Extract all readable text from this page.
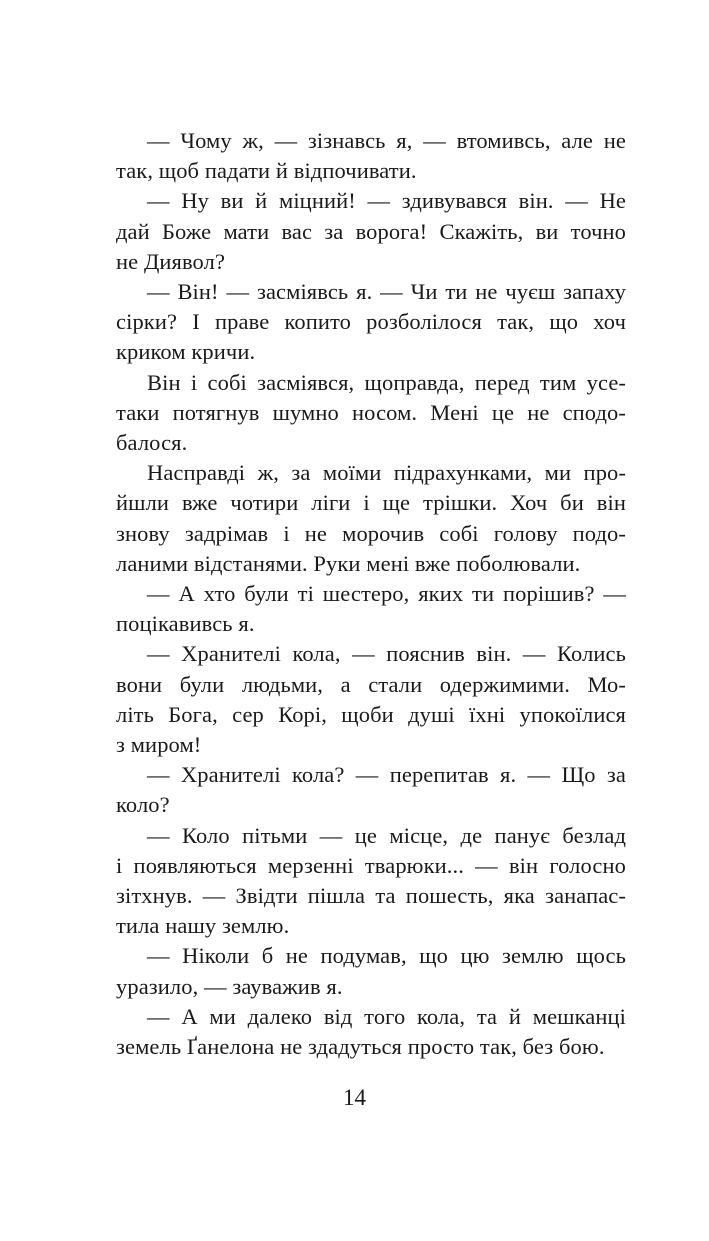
— Чому ж, — зізнавсь я, — втомивсь, але не
так, щоб падати й відпочивати.
— Ну ви й міцний! — здивувався він. — Не
дай Боже мати вас за ворога! Скажіть, ви точно
не Диявол?
— Він! — засміявсь я. — Чи ти не чуєш запаху
сірки? І праве копито розболілося так, що хоч
криком кричи.
Він і собі засміявся, щоправда, перед тим усе-
таки потягнув шумно носом. Мені це не сподо-
балося.
Насправді ж, за моїми підрахунками, ми про-
йшли вже чотири ліги і ще трішки. Хоч би він
знову задрімав і не морочив собі голову подо-
ланими відстанями. Руки мені вже поболювали.
— А хто були ті шестеро, яких ти порішив? —
поцікавивсь я.
— Хранителі кола, — пояснив він. — Колись
вони були людьми, а стали одержимими. Мо-
літь Бога, сер Корі, щоби душі їхні упокоїлися
з миром!
— Хранителі кола? — перепитав я. — Що за
коло?
— Коло пітьми — це місце, де панує безлад
і появляються мерзенні тварюки... — він голосно
зітхнув. — Звідти пішла та пошесть, яка занапас-
тила нашу землю.
— Ніколи б не подумав, що цю землю щось
уразило, — зауважив я.
— А ми далеко від того кола, та й мешканці
земель Ґанелона не здадуться просто так, без бою.
14
